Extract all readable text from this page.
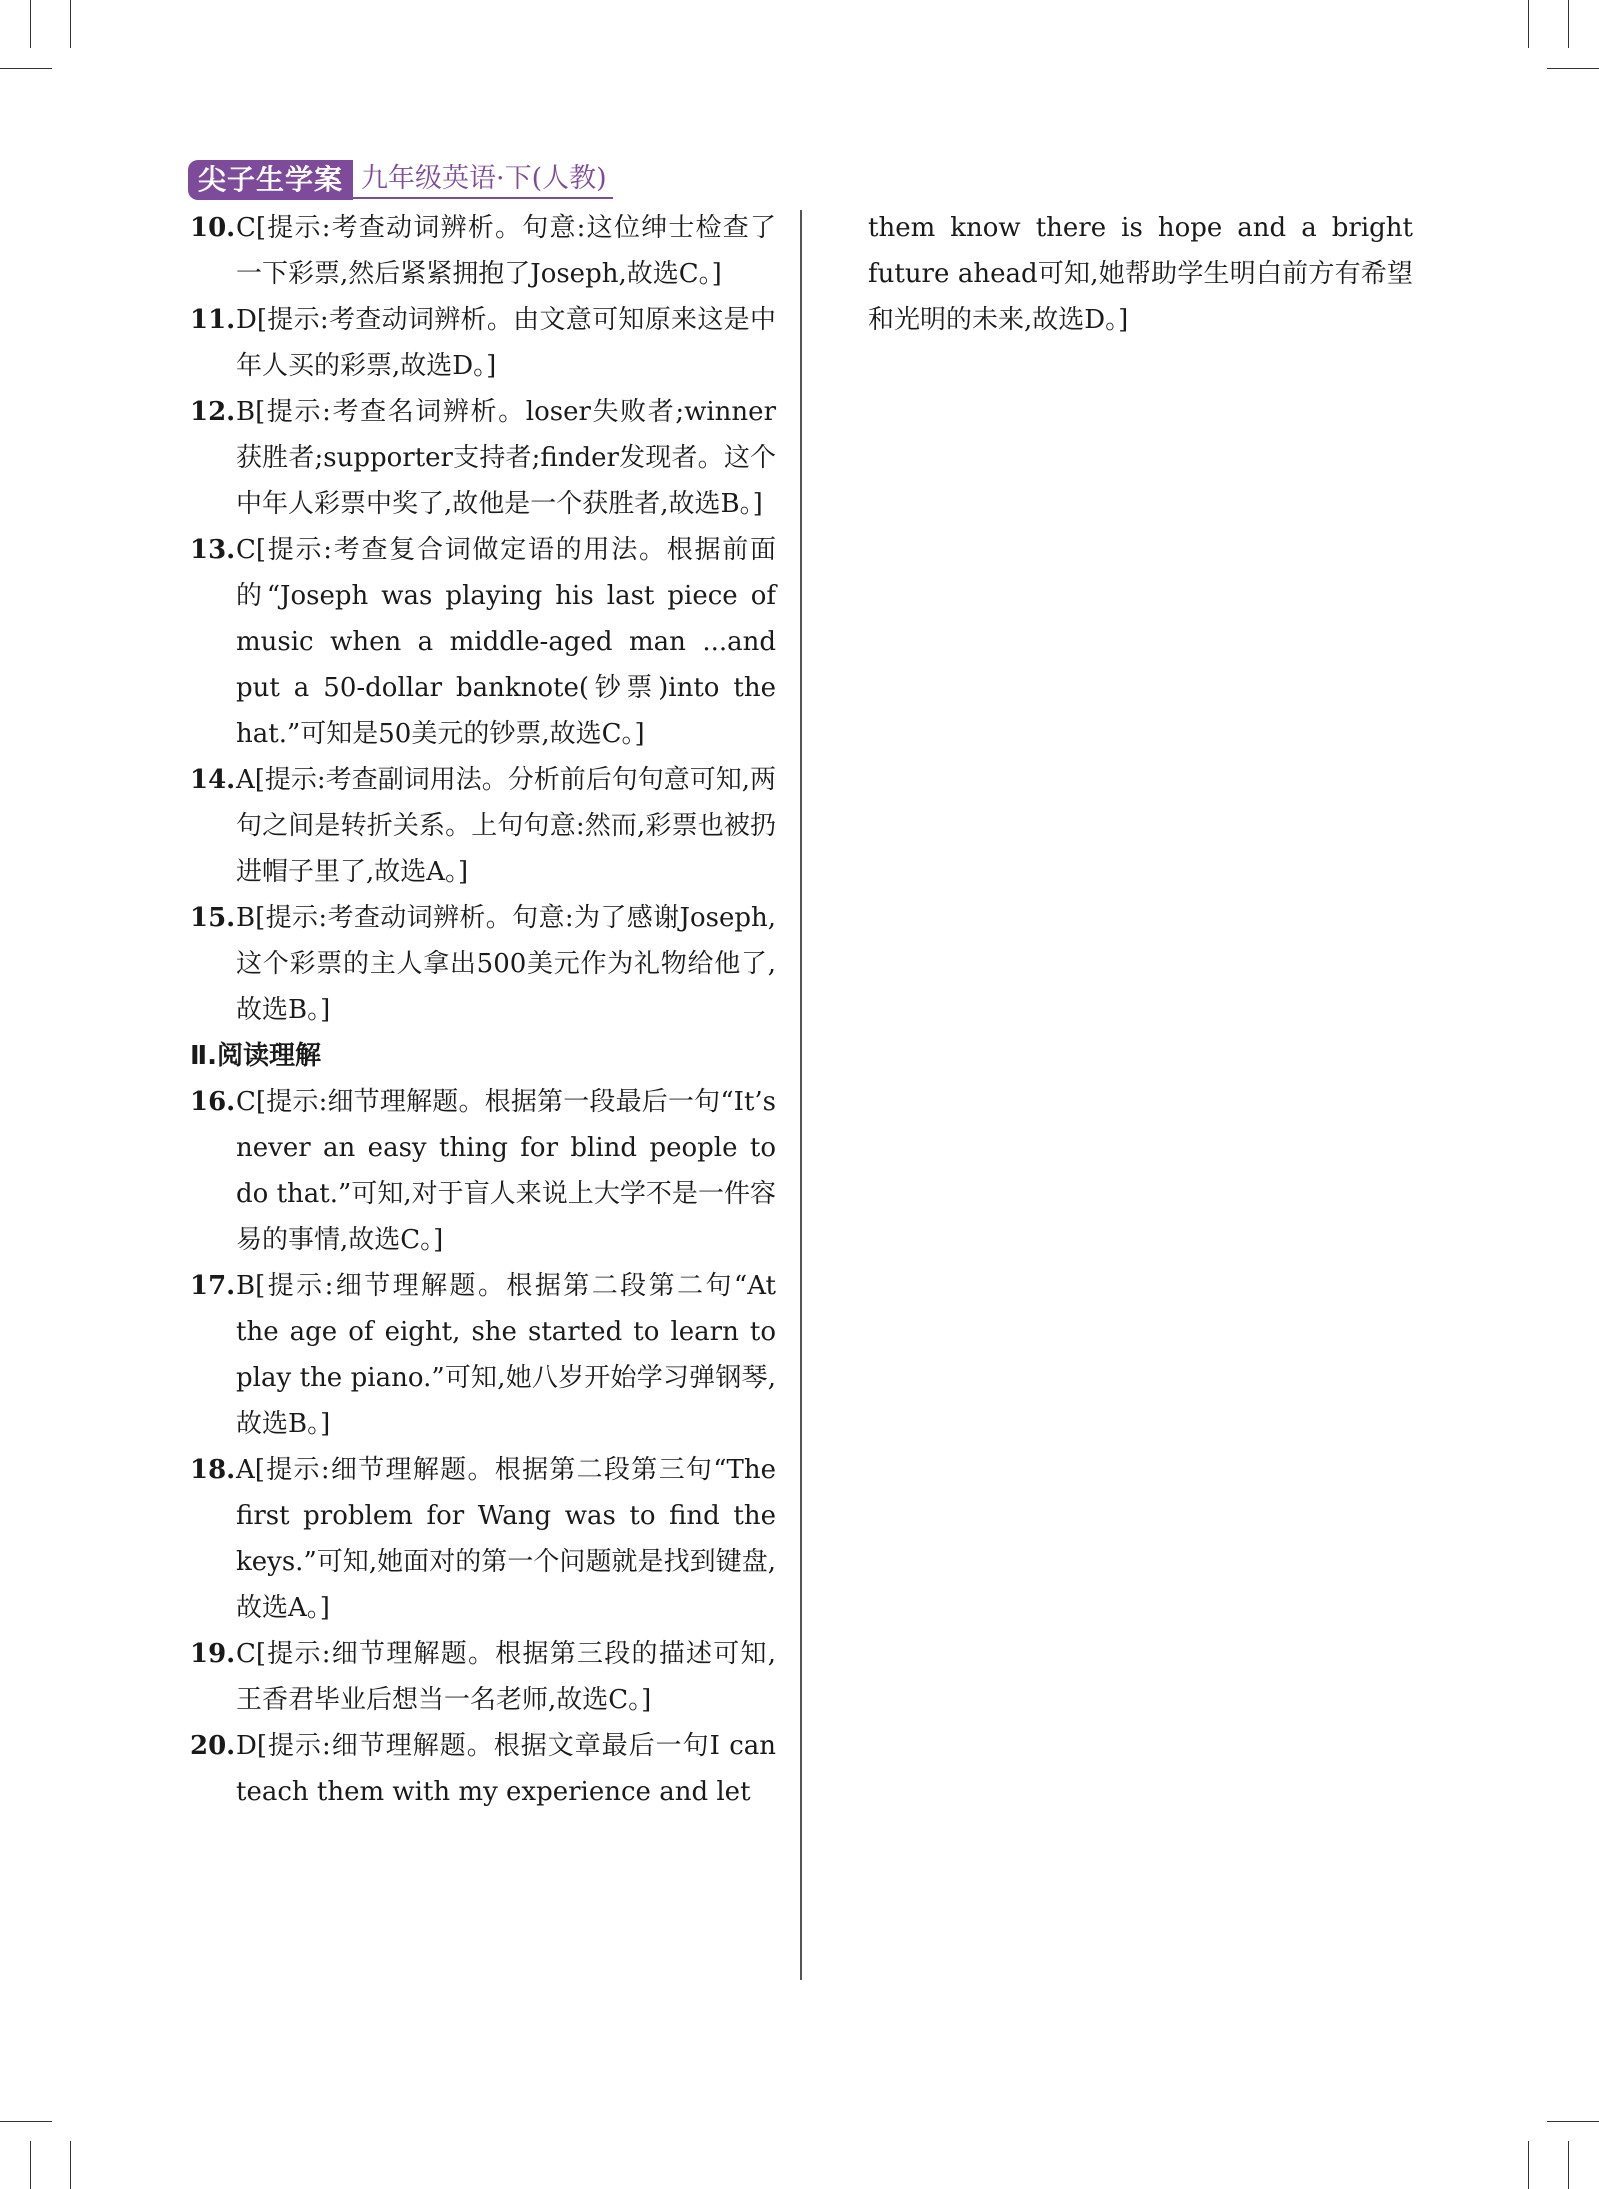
尖子生学案 九年级英语·下(人教)
10. C[提示:考查动词辨析。句意:这位绅士检查了一下彩票,然后紧紧拥抱了Joseph,故选C。]
11. D[提示:考查动词辨析。由文意可知原来这是中年人买的彩票,故选D。]
12. B[提示:考查名词辨析。loser失败者;winner获胜者;supporter支持者;finder发现者。这个中年人彩票中奖了,故他是一个获胜者,故选B。]
13. C[提示:考查复合词做定语的用法。根据前面的“Joseph was playing his last piece of music when a middle-aged man ...and put a 50-dollar banknote(钞票)into the hat.”可知是50美元的钞票,故选C。]
14. A[提示:考查副词用法。分析前后句句意可知,两句之间是转折关系。上句句意:然而,彩票也被扔进帽子里了,故选A。]
15. B[提示:考查动词辨析。句意:为了感谢Joseph,这个彩票的主人拿出500美元作为礼物给他了,故选B。]
Ⅱ.阅读理解
16. C[提示:细节理解题。根据第一段最后一句“It’s never an easy thing for blind people to do that.”可知,对于盲人来说上大学不是一件容易的事情,故选C。]
17. B[提示:细节理解题。根据第二段第二句“At the age of eight, she started to learn to play the piano.”可知,她八岁开始学习弹钢琴,故选B。]
18. A[提示:细节理解题。根据第二段第三句“The first problem for Wang was to find the keys.”可知,她面对的第一个问题就是找到键盘,故选A。]
19. C[提示:细节理解题。根据第三段的描述可知,王香君毕业后想当一名老师,故选C。]
20. D[提示:细节理解题。根据文章最后一句I can teach them with my experience and let
them know there is hope and a bright future ahead可知,她帮助学生明白前方有希望和光明的未来,故选D。]
